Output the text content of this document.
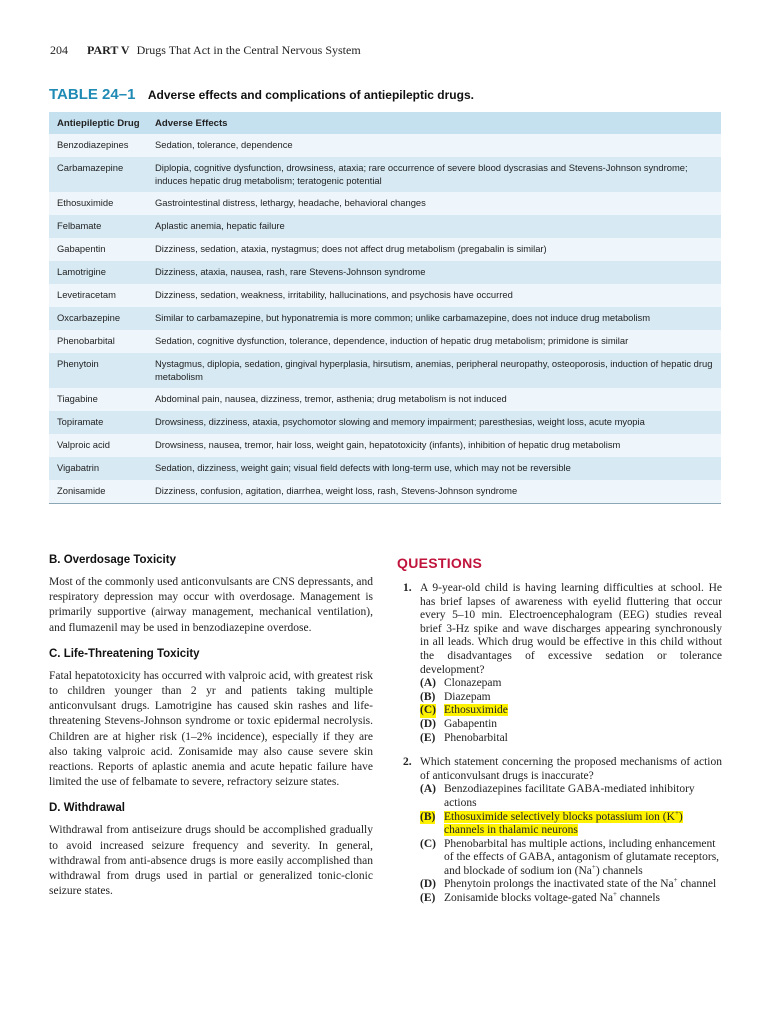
204 PART V Drugs That Act in the Central Nervous System
TABLE 24–1 Adverse effects and complications of antiepileptic drugs.
Antiepileptic Drug	Adverse Effects
Benzodiazepines	Sedation, tolerance, dependence
Carbamazepine	Diplopia, cognitive dysfunction, drowsiness, ataxia; rare occurrence of severe blood dyscrasias and Stevens-Johnson syndrome; induces hepatic drug metabolism; teratogenic potential
Ethosuximide	Gastrointestinal distress, lethargy, headache, behavioral changes
Felbamate	Aplastic anemia, hepatic failure
Gabapentin	Dizziness, sedation, ataxia, nystagmus; does not affect drug metabolism (pregabalin is similar)
Lamotrigine	Dizziness, ataxia, nausea, rash, rare Stevens-Johnson syndrome
Levetiracetam	Dizziness, sedation, weakness, irritability, hallucinations, and psychosis have occurred
Oxcarbazepine	Similar to carbamazepine, but hyponatremia is more common; unlike carbamazepine, does not induce drug metabolism
Phenobarbital	Sedation, cognitive dysfunction, tolerance, dependence, induction of hepatic drug metabolism; primidone is similar
Phenytoin	Nystagmus, diplopia, sedation, gingival hyperplasia, hirsutism, anemias, peripheral neuropathy, osteoporosis, induction of hepatic drug metabolism
Tiagabine	Abdominal pain, nausea, dizziness, tremor, asthenia; drug metabolism is not induced
Topiramate	Drowsiness, dizziness, ataxia, psychomotor slowing and memory impairment; paresthesias, weight loss, acute myopia
Valproic acid	Drowsiness, nausea, tremor, hair loss, weight gain, hepatotoxicity (infants), inhibition of hepatic drug metabolism
Vigabatrin	Sedation, dizziness, weight gain; visual field defects with long-term use, which may not be reversible
Zonisamide	Dizziness, confusion, agitation, diarrhea, weight loss, rash, Stevens-Johnson syndrome
B. Overdosage Toxicity

Most of the commonly used anticonvulsants are CNS depressants, and respiratory depression may occur with overdosage. Management is primarily supportive (airway management, mechanical ventilation), and flumazenil may be used in benzodiazepine overdose.

C. Life-Threatening Toxicity

Fatal hepatotoxicity has occurred with valproic acid, with greatest risk to children younger than 2 yr and patients taking multiple anticonvulsant drugs. Lamotrigine has caused skin rashes and life-threatening Stevens-Johnson syndrome or toxic epidermal necrolysis. Children are at higher risk (1–2% incidence), especially if they are also taking valproic acid. Zonisamide may also cause severe skin reactions. Reports of aplastic anemia and acute hepatic failure have limited the use of felbamate to severe, refractory seizure states.

D. Withdrawal

Withdrawal from antiseizure drugs should be accomplished gradually to avoid increased seizure frequency and severity. In general, withdrawal from anti-absence drugs is more easily accomplished than withdrawal from drugs used in partial or generalized tonic-clonic seizure states.

QUESTIONS
1. A 9-year-old child is having learning difficulties at school. He has brief lapses of awareness with eyelid fluttering that occur every 5–10 min. Electroencephalogram (EEG) studies reveal brief 3-Hz spike and wave discharges appearing synchronously in all leads. Which drug would be effective in this child without the disadvantages of excessive sedation or tolerance development?
(A) Clonazepam
(B) Diazepam
(C) Ethosuximide
(D) Gabapentin
(E) Phenobarbital
2. Which statement concerning the proposed mechanisms of action of anticonvulsant drugs is inaccurate?
(A) Benzodiazepines facilitate GABA-mediated inhibitory actions
(B) Ethosuximide selectively blocks potassium ion (K+) channels in thalamic neurons
(C) Phenobarbital has multiple actions, including enhancement of the effects of GABA, antagonism of glutamate receptors, and blockade of sodium ion (Na+) channels
(D) Phenytoin prolongs the inactivated state of the Na+ channel
(E) Zonisamide blocks voltage-gated Na+ channels
